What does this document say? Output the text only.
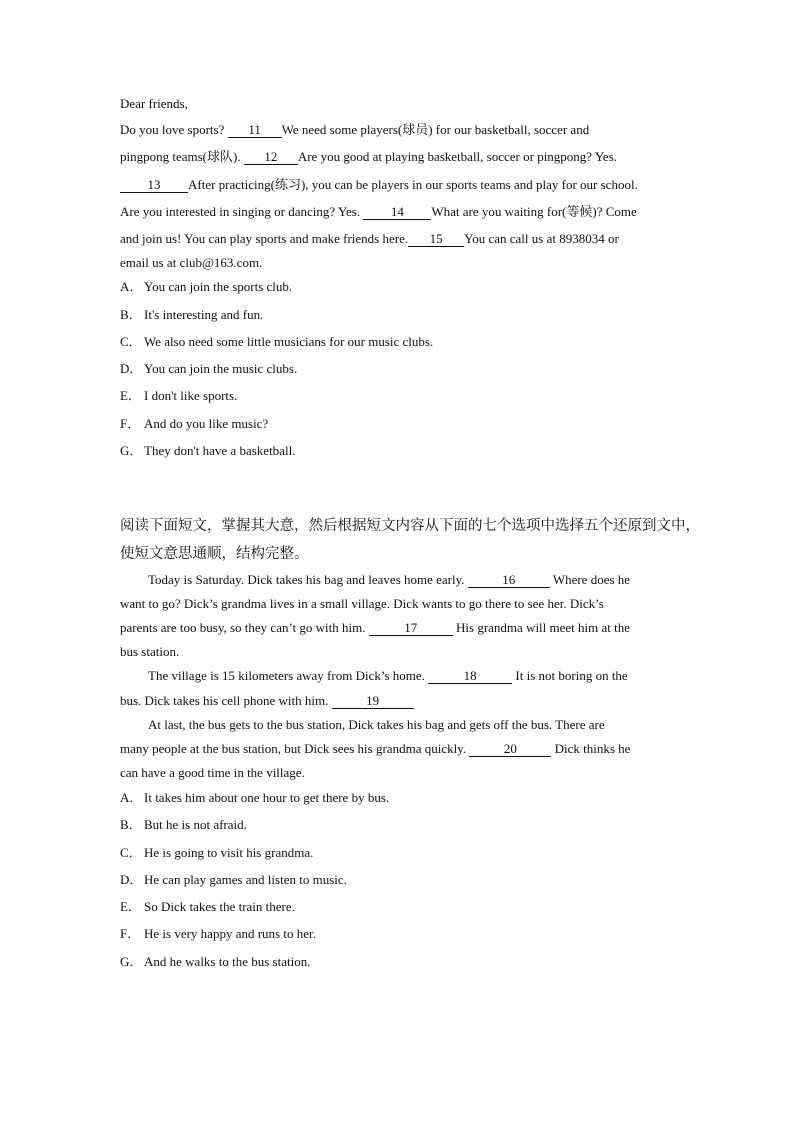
Dear friends,
Do you love sports? 11 We need some players(球员) for our basketball, soccer and
pingpong teams(球队). 12 Are you good at playing basketball, soccer or pingpong? Yes.
13 After practicing(练习), you can be players in our sports teams and play for our school.
Are you interested in singing or dancing? Yes. 14 What are you waiting for(等候)? Come
and join us! You can play sports and make friends here. 15 You can call us at 8938034 or
email us at club@163.com.
A． You can join the sports club.
B． It's interesting and fun.
C． We also need some little musicians for our music clubs.
D． You can join the music clubs.
E． I don't like sports.
F． And do you like music?
G． They don't have a basketball.
阅读下面短文，掌握其大意，然后根据短文内容从下面的七个选项中选择五个还原到文中，
使短文意思通顺，结构完整。
Today is Saturday. Dick takes his bag and leaves home early.	16	Where does he
want to go? Dick’s grandma lives in a small village. Dick wants to go there to see her. Dick’s
parents are too busy, so they can’t go with him.	17	His grandma will meet him at the
bus station.
The village is 15 kilometers away from Dick’s home.	18	It is not boring on the
bus. Dick takes his cell phone with him.	19
At last, the bus gets to the bus station, Dick takes his bag and gets off the bus. There are
many people at the bus station, but Dick sees his grandma quickly.	20	Dick thinks he
can have a good time in the village.
A． It takes him about one hour to get there by bus.
B． But he is not afraid.
C． He is going to visit his grandma.
D． He can play games and listen to music.
E． So Dick takes the train there.
F． He is very happy and runs to her.
G． And he walks to the bus station.
